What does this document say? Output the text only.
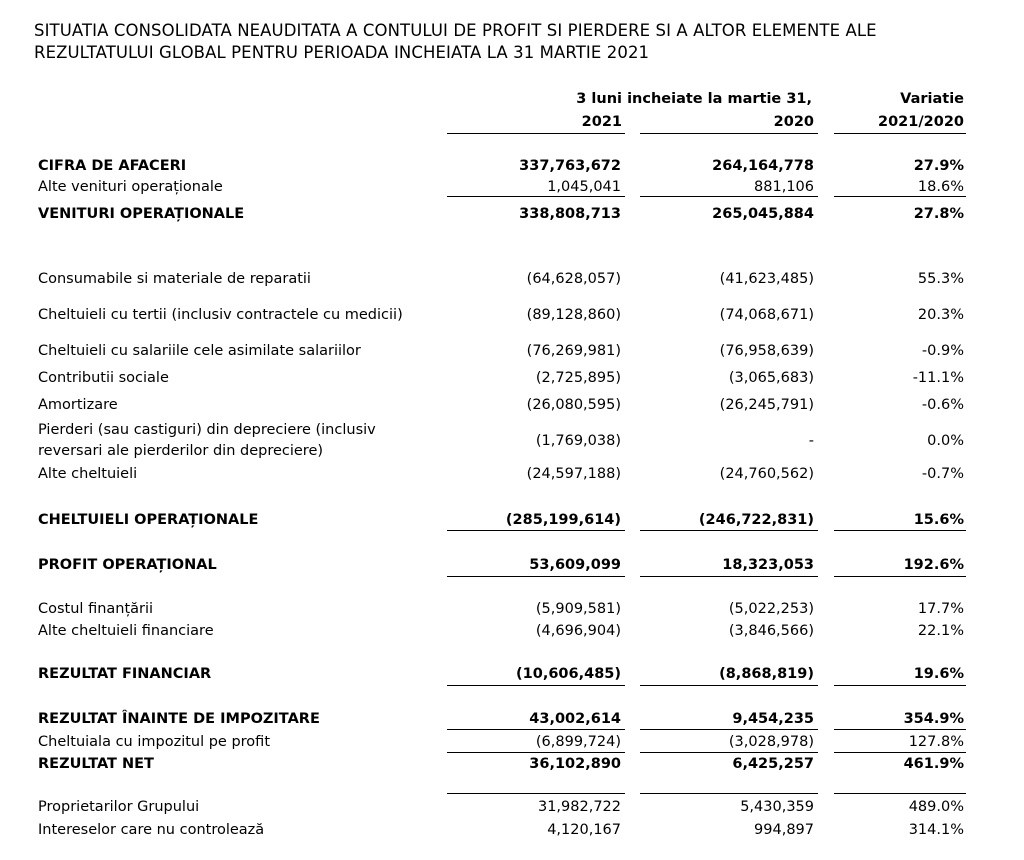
SITUATIA CONSOLIDATA NEAUDITATA A CONTULUI DE PROFIT SI PIERDERE SI A ALTOR ELEMENTE ALE
REZULTATULUI GLOBAL PENTRU PERIOADA INCHEIATA LA 31 MARTIE 2021
3 luni incheiate la martie 31,
2021	2020
Variatie
2021/2020
CIFRA DE AFACERI	337,763,672	264,164,778	27.9%
Alte venituri operaționale	1,045,041	881,106	18.6%
VENITURI OPERAȚIONALE	338,808,713	265,045,884	27.8%
Consumabile si materiale de reparatii	(64,628,057)	(41,623,485)	55.3%
Cheltuieli cu tertii (inclusiv contractele cu medicii)	(89,128,860)	(74,068,671)	20.3%
Cheltuieli cu salariile cele asimilate salariilor	(76,269,981)	(76,958,639)	-0.9%
Contributii sociale	(2,725,895)	(3,065,683)	-11.1%
Amortizare	(26,080,595)	(26,245,791)	-0.6%
Pierderi (sau castiguri) din depreciere (inclusiv
reversari ale pierderilor din depreciere)
(1,769,038)	-	0.0%
Alte cheltuieli	(24,597,188)	(24,760,562)	-0.7%
CHELTUIELI OPERAȚIONALE	(285,199,614)	(246,722,831)	15.6%
PROFIT OPERAȚIONAL	53,609,099	18,323,053	192.6%
Costul finanțării	(5,909,581)	(5,022,253)	17.7%
Alte cheltuieli financiare	(4,696,904)	(3,846,566)	22.1%
REZULTAT FINANCIAR	(10,606,485)	(8,868,819)	19.6%
REZULTAT ÎNAINTE DE IMPOZITARE	43,002,614	9,454,235	354.9%
Cheltuiala cu impozitul pe profit	(6,899,724)	(3,028,978)	127.8%
REZULTAT NET	36,102,890	6,425,257	461.9%
Proprietarilor Grupului	31,982,722	5,430,359	489.0%
Intereselor care nu controlează	4,120,167	994,897	314.1%
